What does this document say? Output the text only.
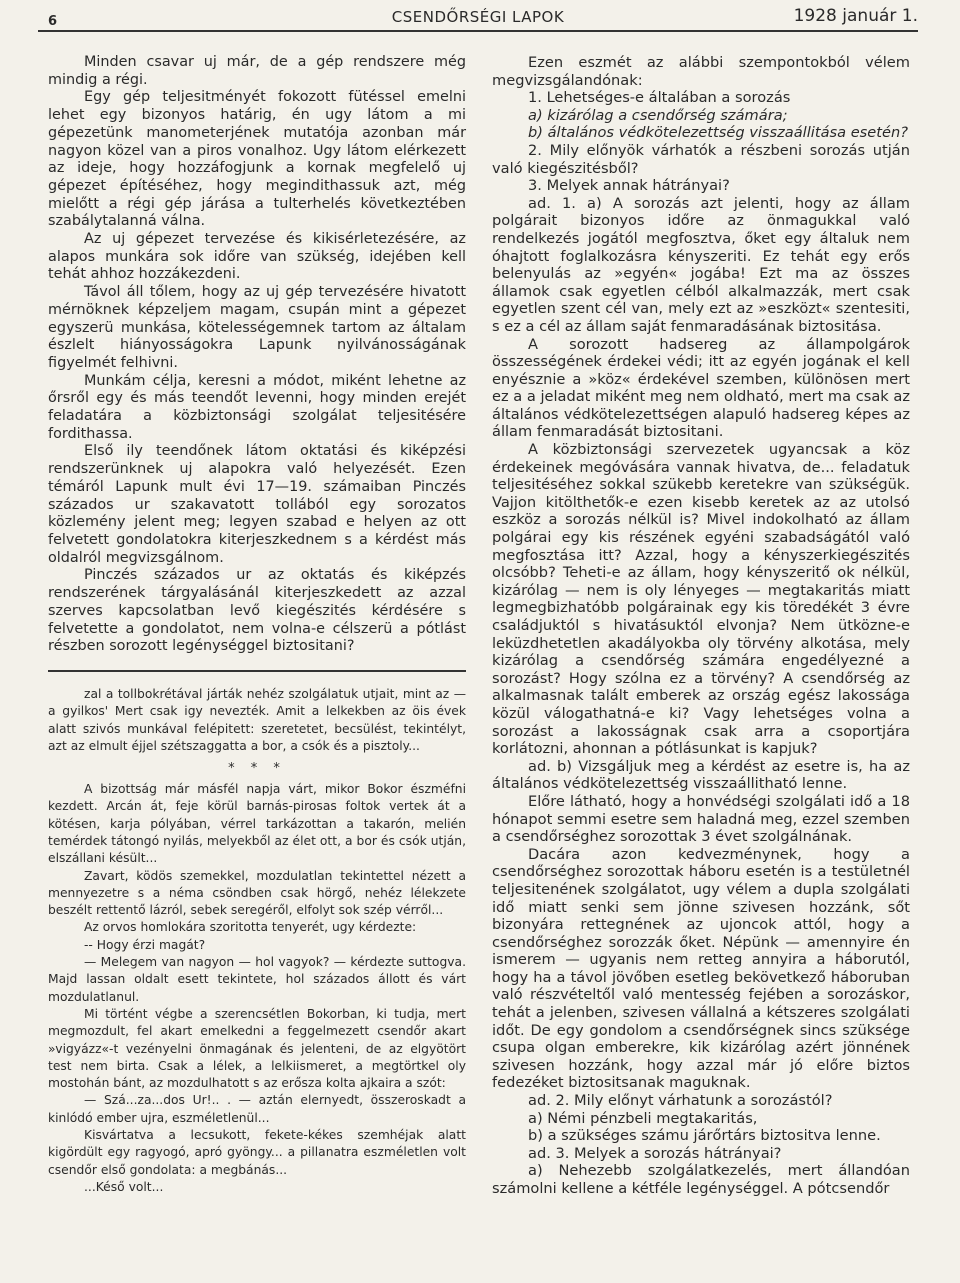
6	CSENDŐRSÉGI LAPOK	1928 január 1.

Minden csavar uj már, de a gép rendszere még mindig a régi.

Egy gép teljesitményét fokozott fütéssel emelni lehet egy bizonyos határig, én ugy látom a mi gépezetünk manometerjének mutatója azonban már nagyon közel van a piros vonalhoz. Ugy látom elérkezett az ideje, hogy hozzáfogjunk a kornak megfelelő uj gépezet építéséhez, hogy megindithassuk azt, még mielőtt a régi gép járása a tulterhelés következtében szabálytalanná válna.

Az uj gépezet tervezése és kikisérletezésére, az alapos munkára sok időre van szükség, idejében kell tehát ahhoz hozzákezdeni.

Távol áll tőlem, hogy az uj gép tervezésére hivatott mérnöknek képzeljem magam, csupán mint a gépezet egyszerü munkása, kötelességemnek tartom az általam észlelt hiányosságokra Lapunk nyilvánosságának figyelmét felhivni.

Munkám célja, keresni a módot, miként lehetne az őrsről egy és más teendőt levenni, hogy minden erejét feladatára a közbiztonsági szolgálat teljesitésére fordithassa.

Első ily teendőnek látom oktatási és kiképzési rendszerünknek uj alapokra való helyezését. Ezen témáról Lapunk mult évi 17—19. számaiban Pinczés százados ur szakavatott tollából egy sorozatos közlemény jelent meg; legyen szabad e helyen az ott felvetett gondolatokra kiterjeszkednem s a kérdést más oldalról megvizsgálnom.

Pinczés százados ur az oktatás és kiképzés rendszerének tárgyalásánál kiterjeszkedett az azzal szerves kapcsolatban levő kiegészités kérdésére s felvetette a gondolatot, nem volna-e célszerü a pótlást részben sorozott legénységgel biztositani?

zal a tollbokrétával járták nehéz szolgálatuk utjait, mint az — a gyilkos' Mert csak igy nevezték. Amit a lelkekben az öis évek alatt szivós munkával felépitett: szeretetet, becsülést, tekintélyt, azt az elmult éjjel szétszaggatta a bor, a csók és a pisztoly...

* * *

A bizottság már másfél napja várt, mikor Bokor észméfni kezdett. Arcán át, feje körül barnás-pirosas foltok vertek át a kötésen, karja pólyában, vérrel tarkázottan a takarón, melién temérdek tátongó nyilás, melyekből az élet ott, a bor és csók utján, elszállani késült...

Zavart, ködös szemekkel, mozdulatlan tekintettel nézett a mennyezetre s a néma csöndben csak hörgő, nehéz lélekzete beszélt rettentő lázról, sebek seregéről, elfolyt sok szép vérről...

Az orvos homlokára szoritotta tenyerét, ugy kérdezte:

-- Hogy érzi magát?

— Melegem van nagyon — hol vagyok? — kérdezte suttogva. Majd lassan oldalt esett tekintete, hol százados állott és várt mozdulatlanul.

Mi történt végbe a szerencsétlen Bokorban, ki tudja, mert megmozdult, fel akart emelkedni a feggelmezett csendőr akart »vigyázz«-t vezényelni önmagának és jelenteni, de az elgyötört test nem birta. Csak a lélek, a lelkiismeret, a megtörtkel oly mostohán bánt, az mozdulhatott s az erősza kolta ajkaira a szót:

— Szá...za...dos Ur!.. . — aztán elernyedt, összeroskadt a kinlódó ember ujra, eszméletlenül...

Kisvártatva a lecsukott, fekete-kékes szemhéjak alatt kigördült egy ragyogó, apró gyöngy... a pillanatra eszméletlen volt csendőr első gondolata: a megbánás...

...Késő volt...

Ezen eszmét az alábbi szempontokból vélem megvizsgálandónak:

1. Lehetséges-e általában a sorozás

a) kizárólag a csendőrség számára;

b) általános védkötelezettség visszaállitása esetén?

2. Mily előnyök várhatók a részbeni sorozás utján való kiegészitésből?

3. Melyek annak hátrányai?

ad. 1. a) A sorozás azt jelenti, hogy az állam polgárait bizonyos időre az önmagukkal való rendelkezés jogától megfosztva, őket egy általuk nem óhajtott foglalkozásra kényszeriti. Ez tehát egy erős belenyulás az »egyén« jogába! Ezt ma az összes államok csak egyetlen célból alkalmazzák, mert csak egyetlen szent cél van, mely ezt az »eszközt« szentesiti, s ez a cél az állam saját fenmaradásának biztositása.

A sorozott hadsereg az állampolgárok összességének érdekei védi; itt az egyén jogának el kell enyésznie a »köz« érdekével szemben, különösen mert ez a a jeladat miként meg nem oldható, mert ma csak az általános védkötelezettségen alapuló hadsereg képes az állam fenmaradását biztositani.

A közbiztonsági szervezetek ugyancsak a köz érdekeinek megóvására vannak hivatva, de... feladatuk teljesitéséhez sokkal szükebb keretekre van szükségük. Vajjon kitölthetők-e ezen kisebb keretek az az utolsó eszköz a sorozás nélkül is? Mivel indokolható az állam polgárai egy kis részének egyéni szabadságától való megfosztása itt? Azzal, hogy a kényszerkiegészités olcsóbb? Teheti-e az állam, hogy kényszeritő ok nélkül, kizárólag — nem is oly lényeges — megtakaritás miatt legmegbizhatóbb polgárainak egy kis töredékét 3 évre családjuktól s hivatásuktól elvonja? Nem ütközne-e leküzdhetetlen akadályokba oly törvény alkotása, mely kizárólag a csendőrség számára engedélyezné a sorozást? Hogy szólna ez a törvény? A csendőrség az alkalmasnak talált emberek az ország egész lakossága közül válogathatná-e ki? Vagy lehetséges volna a sorozást a lakosságnak csak arra a csoportjára korlátozni, ahonnan a pótlásunkat is kapjuk?

ad. b) Vizsgáljuk meg a kérdést az esetre is, ha az általános védkötelezettség visszaállitható lenne.

Előre látható, hogy a honvédségi szolgálati idő a 18 hónapot semmi esetre sem haladná meg, ezzel szemben a csendőrséghez sorozottak 3 évet szolgálnának.

Dacára azon kedvezménynek, hogy a csendőrséghez sorozottak háboru esetén is a testületnél teljesitenének szolgálatot, ugy vélem a dupla szolgálati idő miatt senki sem jönne szivesen hozzánk, sőt bizonyára rettegnének az ujoncok attól, hogy a csendőrséghez sorozzák őket. Népünk — amennyire én ismerem — ugyanis nem retteg annyira a háborutól, hogy ha a távol jövőben esetleg bekövetkező háboruban való részvételtől való mentesség fejében a sorozáskor, tehát a jelenben, szivesen vállalná a kétszeres szolgálati időt. De egy gondolom a csendőrségnek sincs szüksége csupa olgan emberekre, kik kizárólag azért jönnének szivesen hozzánk, hogy azzal már jó előre biztos fedezéket biztositsanak maguknak.

ad. 2. Mily előnyt várhatunk a sorozástól?

a) Némi pénzbeli megtakaritás,

b) a szükséges számu járőrtárs biztositva lenne.

ad. 3. Melyek a sorozás hátrányai?

a) Nehezebb szolgálatkezelés, mert állandóan számolni kellene a kétféle legénységgel. A pótcsendőr
